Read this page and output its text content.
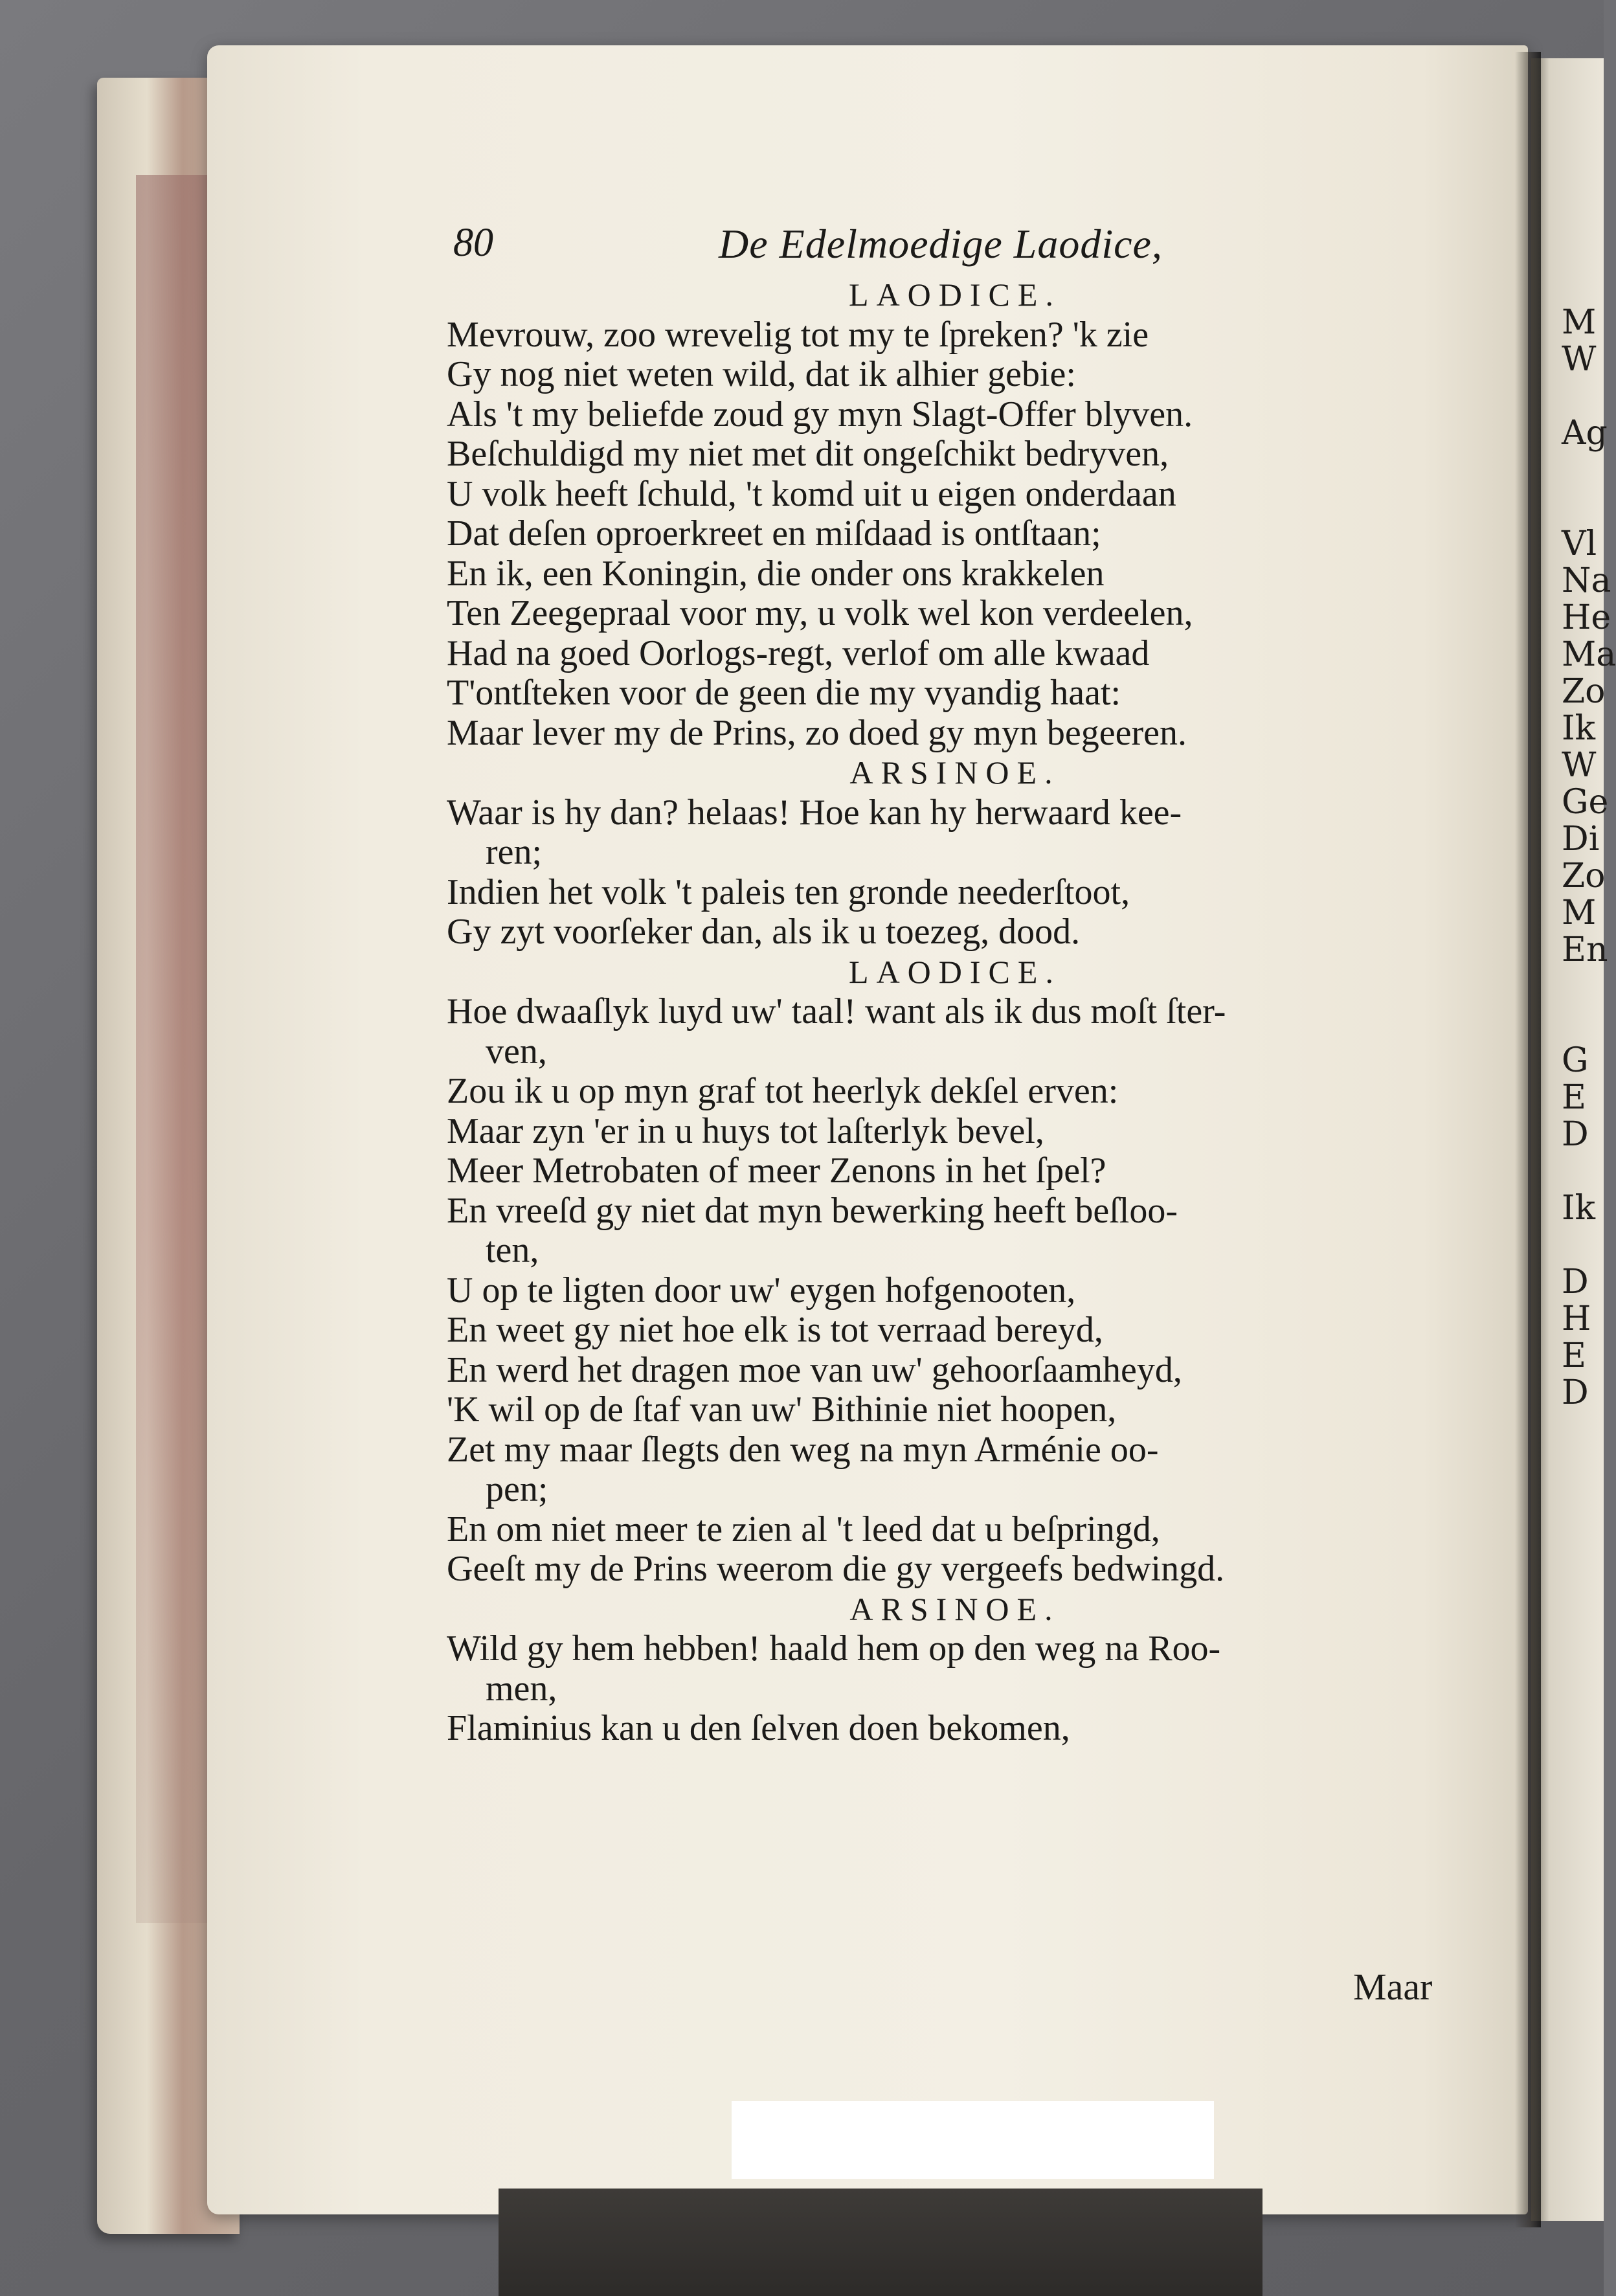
M
W
Ag
Vl
Na
He
Ma
Zo
Ik
W
Ge
Di
Zo
M
En
G
E
D
Ik
D
H
E
D
80	De Edelmoedige Laodice,
LAODICE.
Mevrouw, zoo wrevelig tot my te ſpreken? 'k zie
Gy nog niet weten wild, dat ik alhier gebie:
Als 't my beliefde zoud gy myn Slagt-Offer blyven.
Beſchuldigd my niet met dit ongeſchikt bedryven,
U volk heeft ſchuld, 't komd uit u eigen onderdaan
Dat deſen oproerkreet en miſdaad is ontſtaan;
En ik, een Koningin, die onder ons krakkelen
Ten Zeegepraal voor my, u volk wel kon verdeelen,
Had na goed Oorlogs-regt, verlof om alle kwaad
T'ontſteken voor de geen die my vyandig haat:
Maar lever my de Prins, zo doed gy myn begeeren.
ARSINOE.
Waar is hy dan? helaas! Hoe kan hy herwaard kee-
ren;
Indien het volk 't paleis ten gronde neederſtoot,
Gy zyt voorſeker dan, als ik u toezeg, dood.
LAODICE.
Hoe dwaaſlyk luyd uw' taal! want als ik dus moſt ſter-
ven,
Zou ik u op myn graf tot heerlyk dekſel erven:
Maar zyn 'er in u huys tot laſterlyk bevel,
Meer Metrobaten of meer Zenons in het ſpel?
En vreeſd gy niet dat myn bewerking heeft beſloo-
ten,
U op te ligten door uw' eygen hofgenooten,
En weet gy niet hoe elk is tot verraad bereyd,
En werd het dragen moe van uw' gehoorſaamheyd,
'K wil op de ſtaf van uw' Bithinie niet hoopen,
Zet my maar ſlegts den weg na myn Arménie oo-
pen;
En om niet meer te zien al 't leed dat u beſpringd,
Geeſt my de Prins weerom die gy vergeefs bedwingd.
ARSINOE.
Wild gy hem hebben! haald hem op den weg na Roo-
men,
Flaminius kan u den ſelven doen bekomen,
Maar
